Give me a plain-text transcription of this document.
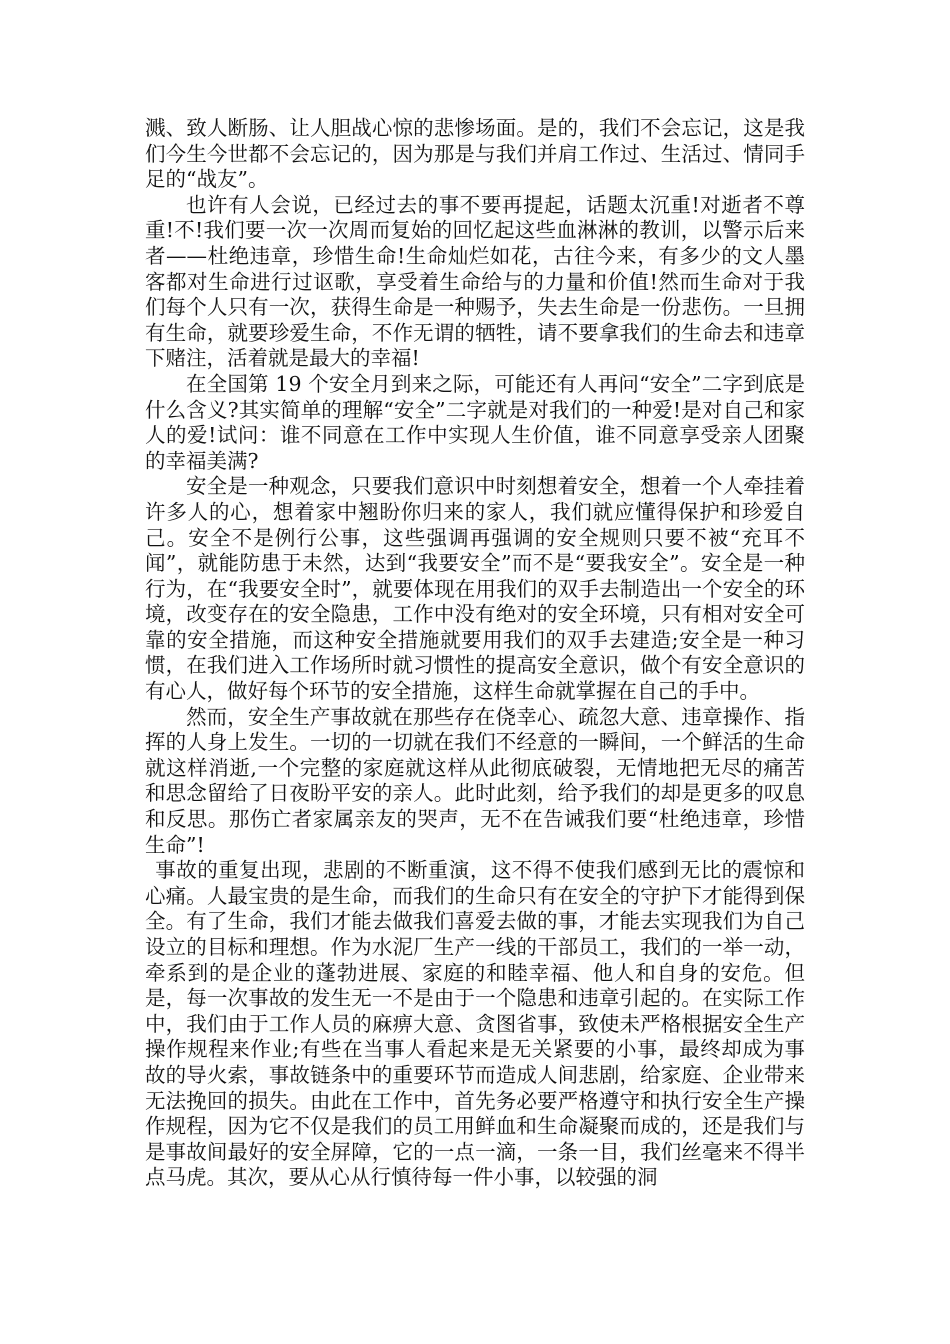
溅、致人断肠、让人胆战心惊的悲惨场面。是的，我们不会忘记，这是我们今生今世都不会忘记的，因为那是与我们并肩工作过、生活过、情同手足的“战友”。

也许有人会说，已经过去的事不要再提起，话题太沉重!对逝者不尊重!不!我们要一次一次周而复始的回忆起这些血淋淋的教训，以警示后来者——杜绝违章，珍惜生命!生命灿烂如花，古往今来，有多少的文人墨客都对生命进行过讴歌，享受着生命给与的力量和价值!然而生命对于我们每个人只有一次，获得生命是一种赐予，失去生命是一份悲伤。一旦拥有生命，就要珍爱生命，不作无谓的牺牲，请不要拿我们的生命去和违章下赌注，活着就是最大的幸福!

在全国第 19 个安全月到来之际，可能还有人再问“安全”二字到底是什么含义?其实简单的理解“安全”二字就是对我们的一种爱!是对自己和家人的爱!试问：谁不同意在工作中实现人生价值，谁不同意享受亲人团聚的幸福美满?

安全是一种观念，只要我们意识中时刻想着安全，想着一个人牵挂着许多人的心，想着家中翘盼你归来的家人，我们就应懂得保护和珍爱自己。安全不是例行公事，这些强调再强调的安全规则只要不被“充耳不闻”，就能防患于未然，达到“我要安全”而不是“要我安全”。安全是一种行为，在“我要安全时”，就要体现在用我们的双手去制造出一个安全的环境，改变存在的安全隐患，工作中没有绝对的安全环境，只有相对安全可靠的安全措施，而这种安全措施就要用我们的双手去建造;安全是一种习惯，在我们进入工作场所时就习惯性的提高安全意识，做个有安全意识的有心人，做好每个环节的安全措施，这样生命就掌握在自己的手中。

然而，安全生产事故就在那些存在侥幸心、疏忽大意、违章操作、指挥的人身上发生。一切的一切就在我们不经意的一瞬间，一个鲜活的生命就这样消逝,一个完整的家庭就这样从此彻底破裂，无情地把无尽的痛苦和思念留给了日夜盼平安的亲人。此时此刻，给予我们的却是更多的叹息和反思。那伤亡者家属亲友的哭声，无不在告诫我们要“杜绝违章，珍惜生命”!

事故的重复出现，悲剧的不断重演，这不得不使我们感到无比的震惊和心痛。人最宝贵的是生命，而我们的生命只有在安全的守护下才能得到保全。有了生命，我们才能去做我们喜爱去做的事，才能去实现我们为自己设立的目标和理想。作为水泥厂生产一线的干部员工，我们的一举一动，牵系到的是企业的蓬勃进展、家庭的和睦幸福、他人和自身的安危。但是，每一次事故的发生无一不是由于一个隐患和违章引起的。在实际工作中，我们由于工作人员的麻痹大意、贪图省事，致使未严格根据安全生产操作规程来作业;有些在当事人看起来是无关紧要的小事，最终却成为事故的导火索，事故链条中的重要环节而造成人间悲剧，给家庭、企业带来无法挽回的损失。由此在工作中，首先务必要严格遵守和执行安全生产操作规程，因为它不仅是我们的员工用鲜血和生命凝聚而成的，还是我们与是事故间最好的安全屏障，它的一点一滴，一条一目，我们丝毫来不得半点马虎。其次，要从心从行慎待每一件小事，以较强的洞
